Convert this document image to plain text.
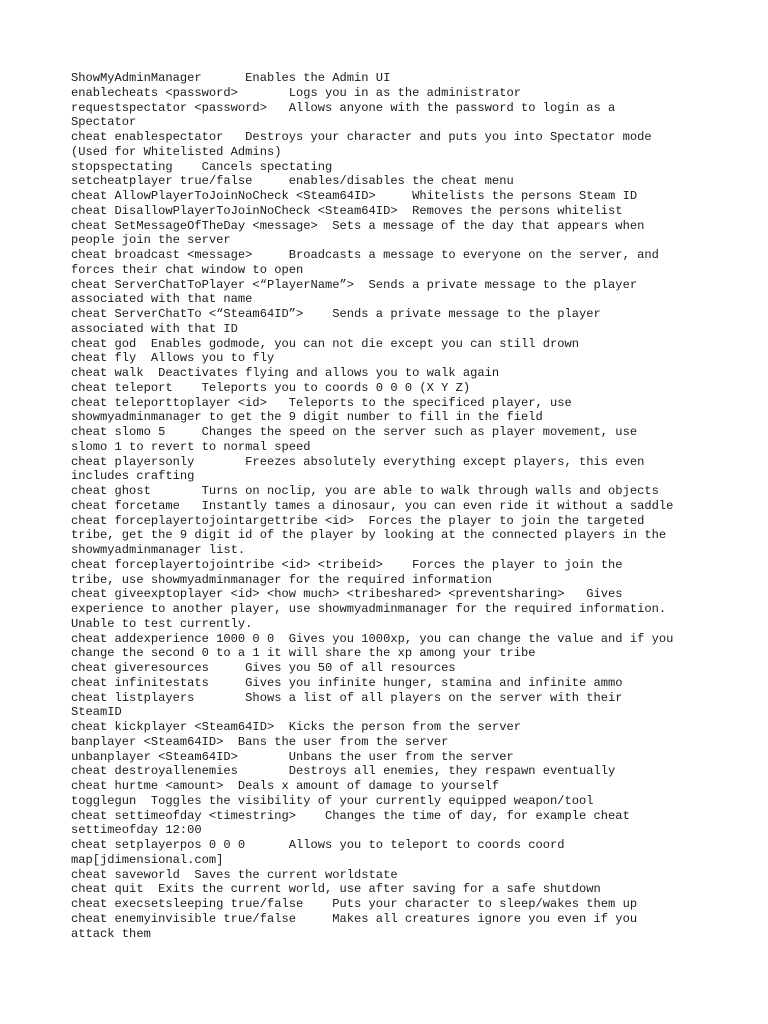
ShowMyAdminManager      Enables the Admin UI
enablecheats <password>       Logs you in as the administrator
requestspectator <password>   Allows anyone with the password to login as a
Spectator
cheat enablespectator   Destroys your character and puts you into Spectator mode
(Used for Whitelisted Admins)
stopspectating    Cancels spectating
setcheatplayer true/false     enables/disables the cheat menu
cheat AllowPlayerToJoinNoCheck <Steam64ID>     Whitelists the persons Steam ID
cheat DisallowPlayerToJoinNoCheck <Steam64ID>  Removes the persons whitelist
cheat SetMessageOfTheDay <message>  Sets a message of the day that appears when
people join the server
cheat broadcast <message>     Broadcasts a message to everyone on the server, and
forces their chat window to open
cheat ServerChatToPlayer <“PlayerName”>  Sends a private message to the player
associated with that name
cheat ServerChatTo <“Steam64ID”>    Sends a private message to the player
associated with that ID
cheat god  Enables godmode, you can not die except you can still drown
cheat fly  Allows you to fly
cheat walk  Deactivates flying and allows you to walk again
cheat teleport    Teleports you to coords 0 0 0 (X Y Z)
cheat teleporttoplayer <id>   Teleports to the specificed player, use
showmyadminmanager to get the 9 digit number to fill in the field
cheat slomo 5     Changes the speed on the server such as player movement, use
slomo 1 to revert to normal speed
cheat playersonly       Freezes absolutely everything except players, this even
includes crafting
cheat ghost       Turns on noclip, you are able to walk through walls and objects
cheat forcetame   Instantly tames a dinosaur, you can even ride it without a saddle
cheat forceplayertojointargettribe <id>  Forces the player to join the targeted
tribe, get the 9 digit id of the player by looking at the connected players in the
showmyadminmanager list.
cheat forceplayertojointribe <id> <tribeid>    Forces the player to join the
tribe, use showmyadminmanager for the required information
cheat giveexptoplayer <id> <how much> <tribeshared> <preventsharing>   Gives
experience to another player, use showmyadminmanager for the required information.
Unable to test currently.
cheat addexperience 1000 0 0  Gives you 1000xp, you can change the value and if you
change the second 0 to a 1 it will share the xp among your tribe
cheat giveresources     Gives you 50 of all resources
cheat infinitestats     Gives you infinite hunger, stamina and infinite ammo
cheat listplayers       Shows a list of all players on the server with their
SteamID
cheat kickplayer <Steam64ID>  Kicks the person from the server
banplayer <Steam64ID>  Bans the user from the server
unbanplayer <Steam64ID>       Unbans the user from the server
cheat destroyallenemies       Destroys all enemies, they respawn eventually
cheat hurtme <amount>  Deals x amount of damage to yourself
togglegun  Toggles the visibility of your currently equipped weapon/tool
cheat settimeofday <timestring>    Changes the time of day, for example cheat
settimeofday 12:00
cheat setplayerpos 0 0 0      Allows you to teleport to coords coord
map[jdimensional.com]
cheat saveworld  Saves the current worldstate
cheat quit  Exits the current world, use after saving for a safe shutdown
cheat execsetsleeping true/false    Puts your character to sleep/wakes them up
cheat enemyinvisible true/false     Makes all creatures ignore you even if you
attack them
